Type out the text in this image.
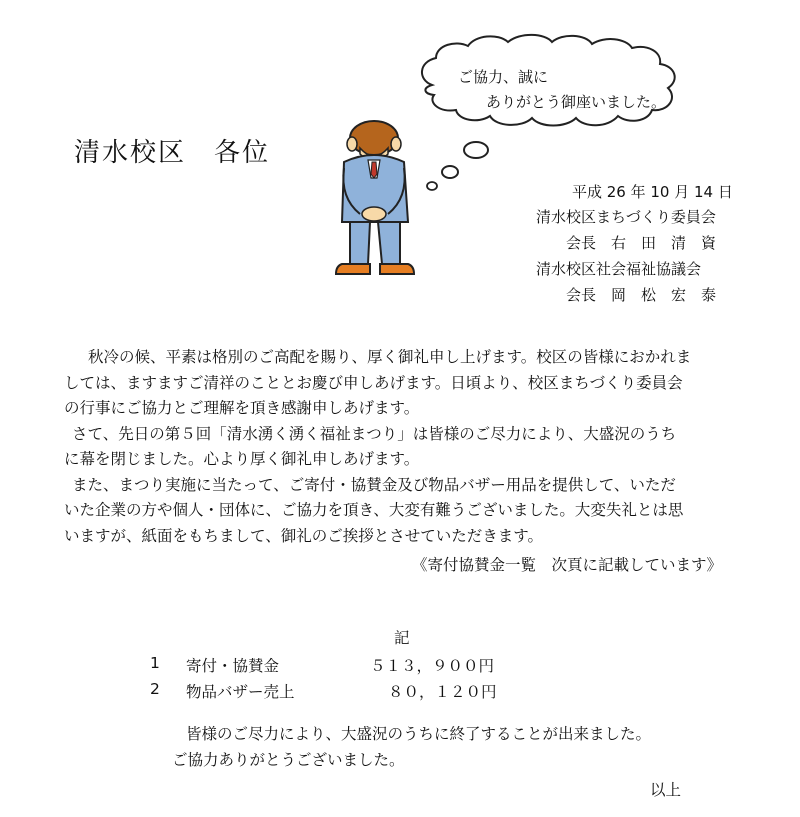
ご協力、誠に
ありがとう御座いました。
清水校区　各位
平成 26 年 10 月 14 日
清水校区まちづくり委員会
会長　右　田　清　資
清水校区社会福祉協議会
会長　岡　松　宏　泰
秋冷の候、平素は格別のご高配を賜り、厚く御礼申し上げます。校区の皆様におかれま
しては、ますますご清祥のこととお慶び申しあげます。日頃より、校区まちづくり委員会
の行事にご協力とご理解を頂き感謝申しあげます。
さて、先日の第５回「清水湧く湧く福祉まつり」は皆様のご尽力により、大盛況のうち
に幕を閉じました。心より厚く御礼申しあげます。
また、まつり実施に当たって、ご寄付・協賛金及び物品バザー用品を提供して、いただ
いた企業の方や個人・団体に、ご協力を頂き、大変有難うございました。大変失礼とは思
いますが、紙面をもちまして、御礼のご挨拶とさせていただきます。
《寄付協賛金一覧　次頁に記載しています》
記
1 寄付・協賛金	５１３，９００円
2 物品バザー売上	８０，１２０円
皆様のご尽力により、大盛況のうちに終了することが出来ました。
ご協力ありがとうございました。
以上
